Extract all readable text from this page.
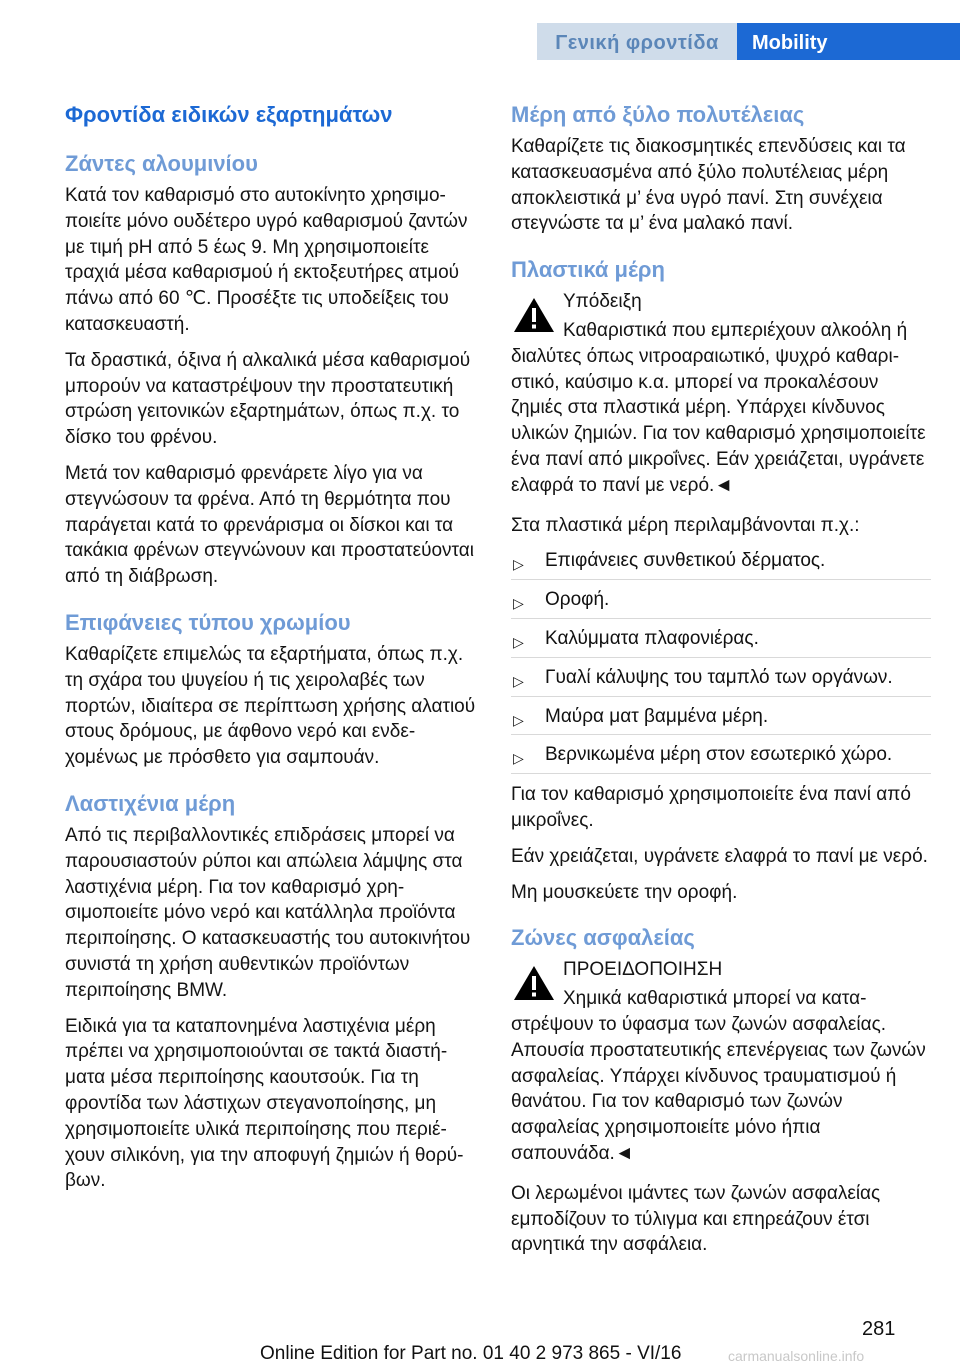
Γενική φροντίδα	Mobility
Φροντίδα ειδικών εξαρτημάτων
Ζάντες αλουμινίου

Κατά τον καθαρισμό στο αυτοκίνητο χρησιμοποιείτε μόνο ουδέτερο υγρό καθαρισμού ζαντών με τιμή pH από 5 έως 9. Μη χρησιμοποιείτε τραχιά μέσα καθαρισμού ή εκτοξευτήρες ατμού πάνω από 60 ℃. Προσέξτε τις υποδείξεις του κατασκευαστή.

Τα δραστικά, όξινα ή αλκαλικά μέσα καθαρισμού μπορούν να καταστρέψουν την προστατευτική στρώση γειτονικών εξαρτημάτων, όπως π.χ. το δίσκο του φρένου.

Μετά τον καθαρισμό φρενάρετε λίγο για να στεγνώσουν τα φρένα. Από τη θερμότητα που παράγεται κατά το φρενάρισμα οι δίσκοι και τα τακάκια φρένων στεγνώνουν και προστατεύονται από τη διάβρωση.

Επιφάνειες τύπου χρωμίου

Καθαρίζετε επιμελώς τα εξαρτήματα, όπως π.χ. τη σχάρα του ψυγείου ή τις χειρολαβές των πορτών, ιδιαίτερα σε περίπτωση χρήσης αλατιού στους δρόμους, με άφθονο νερό και ενδεχομένως με πρόσθετο για σαμπουάν.

Λαστιχένια μέρη

Από τις περιβαλλοντικές επιδράσεις μπορεί να παρουσιαστούν ρύποι και απώλεια λάμψης στα λαστιχένια μέρη. Για τον καθαρισμό χρησιμοποιείτε μόνο νερό και κατάλληλα προϊόντα περιποίησης. Ο κατασκευαστής του αυτοκινήτου συνιστά τη χρήση αυθεντικών προϊόντων περιποίησης BMW.

Ειδικά για τα καταπονημένα λαστιχένια μέρη πρέπει να χρησιμοποιούνται σε τακτά διαστήματα μέσα περιποίησης καουτσούκ. Για τη φροντίδα των λάστιχων στεγανοποίησης, μη χρησιμοποιείτε υλικά περιποίησης που περιέχουν σιλικόνη, για την αποφυγή ζημιών ή θορύβων.

Μέρη από ξύλο πολυτέλειας

Καθαρίζετε τις διακοσμητικές επενδύσεις και τα κατασκευασμένα από ξύλο πολυτέλειας μέρη αποκλειστικά μ’ ένα υγρό πανί. Στη συνέχεια στεγνώστε τα μ’ ένα μαλακό πανί.

Πλαστικά μέρη

Υπόδειξη

Καθαριστικά που εμπεριέχουν αλκοόλη ή διαλύτες όπως νιτροαραιωτικό, ψυχρό καθαριστικό, καύσιμο κ.α. μπορεί να προκαλέσουν ζημιές στα πλαστικά μέρη. Υπάρχει κίνδυνος υλικών ζημιών. Για τον καθαρισμό χρησιμοποιείτε ένα πανί από μικροΐνες. Εάν χρειάζεται, υγράνετε ελαφρά το πανί με νερό.◄

Στα πλαστικά μέρη περιλαμβάνονται π.χ.:

▷ Επιφάνειες συνθετικού δέρματος.
▷ Οροφή.
▷ Καλύμματα πλαφονιέρας.
▷ Γυαλί κάλυψης του ταμπλό των οργάνων.
▷ Μαύρα ματ βαμμένα μέρη.
▷ Βερνικωμένα μέρη στον εσωτερικό χώρο.

Για τον καθαρισμό χρησιμοποιείτε ένα πανί από μικροΐνες.

Εάν χρειάζεται, υγράνετε ελαφρά το πανί με νερό.

Μη μουσκεύετε την οροφή.

Ζώνες ασφαλείας

ΠΡΟΕΙΔΟΠΟΙΗΣΗ

Χημικά καθαριστικά μπορεί να καταστρέψουν το ύφασμα των ζωνών ασφαλείας. Απουσία προστατευτικής επενέργειας των ζωνών ασφαλείας. Υπάρχει κίνδυνος τραυματισμού ή θανάτου. Για τον καθαρισμό των ζωνών ασφαλείας χρησιμοποιείτε μόνο ήπια σαπουνάδα.◄

Οι λερωμένοι ιμάντες των ζωνών ασφαλείας εμποδίζουν το τύλιγμα και επηρεάζουν έτσι αρνητικά την ασφάλεια.

281
carmanualsonline.info
Online Edition for Part no. 01 40 2 973 865 - VI/16
